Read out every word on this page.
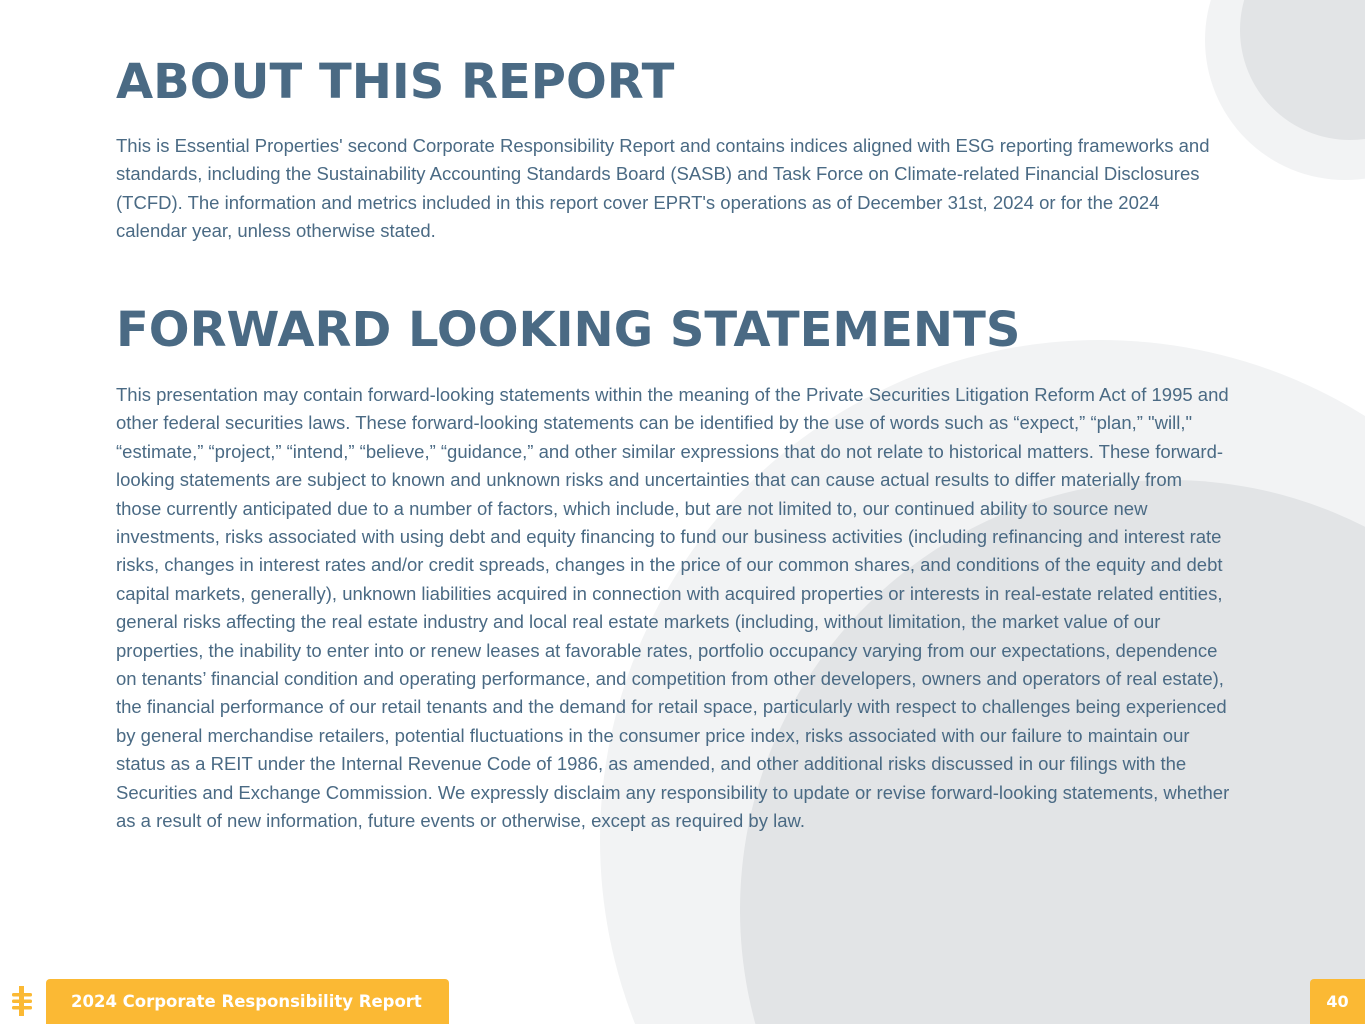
ABOUT THIS REPORT

This is Essential Properties' second Corporate Responsibility Report and contains indices aligned with ESG reporting frameworks and standards, including the Sustainability Accounting Standards Board (SASB) and Task Force on Climate-related Financial Disclosures (TCFD). The information and metrics included in this report cover EPRT's operations as of December 31st, 2024 or for the 2024 calendar year, unless otherwise stated.

FORWARD LOOKING STATEMENTS

This presentation may contain forward-looking statements within the meaning of the Private Securities Litigation Reform Act of 1995 and other federal securities laws. These forward-looking statements can be identified by the use of words such as “expect,” “plan,” "will," “estimate,” “project,” “intend,” “believe,” “guidance,” and other similar expressions that do not relate to historical matters. These forward-looking statements are subject to known and unknown risks and uncertainties that can cause actual results to differ materially from those currently anticipated due to a number of factors, which include, but are not limited to, our continued ability to source new investments, risks associated with using debt and equity financing to fund our business activities (including refinancing and interest rate risks, changes in interest rates and/or credit spreads, changes in the price of our common shares, and conditions of the equity and debt capital markets, generally), unknown liabilities acquired in connection with acquired properties or interests in real-estate related entities, general risks affecting the real estate industry and local real estate markets (including, without limitation, the market value of our properties, the inability to enter into or renew leases at favorable rates, portfolio occupancy varying from our expectations, dependence on tenants’ financial condition and operating performance, and competition from other developers, owners and operators of real estate), the financial performance of our retail tenants and the demand for retail space, particularly with respect to challenges being experienced by general merchandise retailers, potential fluctuations in the consumer price index, risks associated with our failure to maintain our status as a REIT under the Internal Revenue Code of 1986, as amended, and other additional risks discussed in our filings with the Securities and Exchange Commission. We expressly disclaim any responsibility to update or revise forward-looking statements, whether as a result of new information, future events or otherwise, except as required by law.

2024 Corporate Responsibility Report	40
